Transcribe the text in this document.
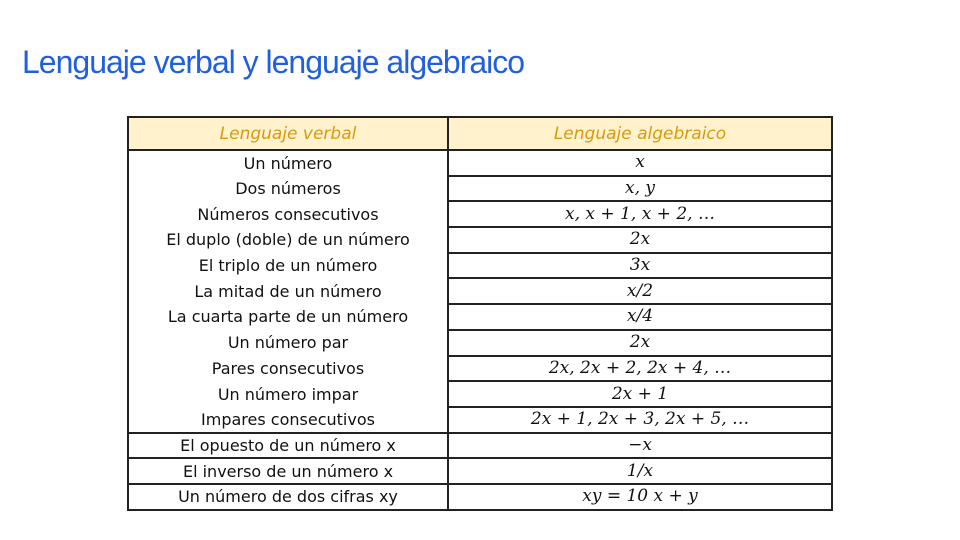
Lenguaje verbal y lenguaje algebraico
Lenguaje verbal	Lenguaje algebraico
Un número	x
Dos números	x, y
Números consecutivos	x, x + 1, x + 2, …
El duplo (doble) de un número	2x
El triplo de un número	3x
La mitad de un número	x/2
La cuarta parte de un número	x/4
Un número par	2x
Pares consecutivos	2x, 2x + 2, 2x + 4, …
Un número impar	2x + 1
Impares consecutivos	2x + 1, 2x + 3, 2x + 5, …
El opuesto de un número x	−x
El inverso de un número x	1/x
Un número de dos cifras xy	xy = 10 x + y
